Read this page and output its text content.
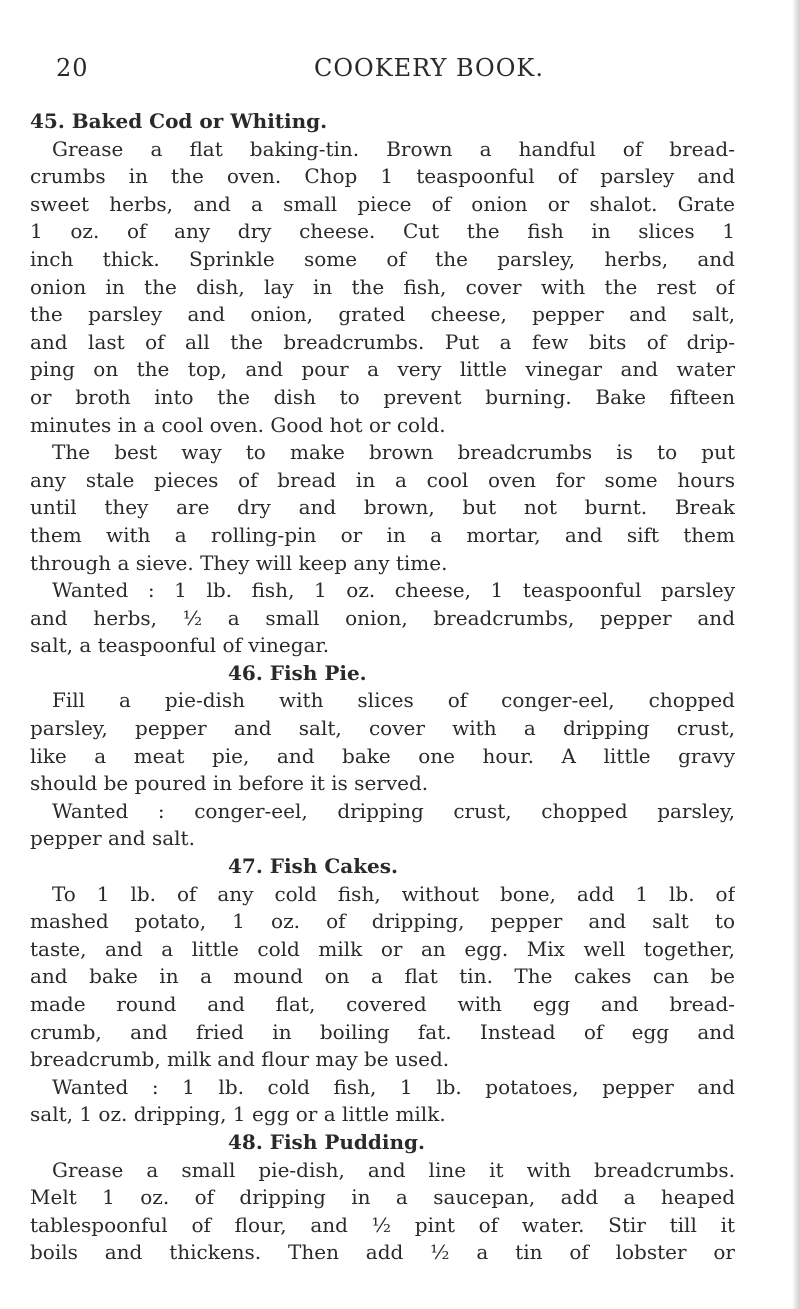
20	COOKERY BOOK.
45. Baked Cod or Whiting.
Grease a flat baking-tin. Brown a handful of bread-
crumbs in the oven. Chop 1 teaspoonful of parsley and
sweet herbs, and a small piece of onion or shalot. Grate
1 oz. of any dry cheese. Cut the fish in slices 1
inch thick. Sprinkle some of the parsley, herbs, and
onion in the dish, lay in the fish, cover with the rest of
the parsley and onion, grated cheese, pepper and salt,
and last of all the breadcrumbs. Put a few bits of drip-
ping on the top, and pour a very little vinegar and water
or broth into the dish to prevent burning. Bake fifteen
minutes in a cool oven. Good hot or cold.
The best way to make brown breadcrumbs is to put
any stale pieces of bread in a cool oven for some hours
until they are dry and brown, but not burnt. Break
them with a rolling-pin or in a mortar, and sift them
through a sieve. They will keep any time.
Wanted : 1 lb. fish, 1 oz. cheese, 1 teaspoonful parsley
and herbs, ½ a small onion, breadcrumbs, pepper and
salt, a teaspoonful of vinegar.
46. Fish Pie.
Fill a pie-dish with slices of conger-eel, chopped
parsley, pepper and salt, cover with a dripping crust,
like a meat pie, and bake one hour. A little gravy
should be poured in before it is served.
Wanted : conger-eel, dripping crust, chopped parsley,
pepper and salt.
47. Fish Cakes.
To 1 lb. of any cold fish, without bone, add 1 lb. of
mashed potato, 1 oz. of dripping, pepper and salt to
taste, and a little cold milk or an egg. Mix well together,
and bake in a mound on a flat tin. The cakes can be
made round and flat, covered with egg and bread-
crumb, and fried in boiling fat. Instead of egg and
breadcrumb, milk and flour may be used.
Wanted : 1 lb. cold fish, 1 lb. potatoes, pepper and
salt, 1 oz. dripping, 1 egg or a little milk.
48. Fish Pudding.
Grease a small pie-dish, and line it with breadcrumbs.
Melt 1 oz. of dripping in a saucepan, add a heaped
tablespoonful of flour, and ½ pint of water. Stir till it
boils and thickens. Then add ½ a tin of lobster or
